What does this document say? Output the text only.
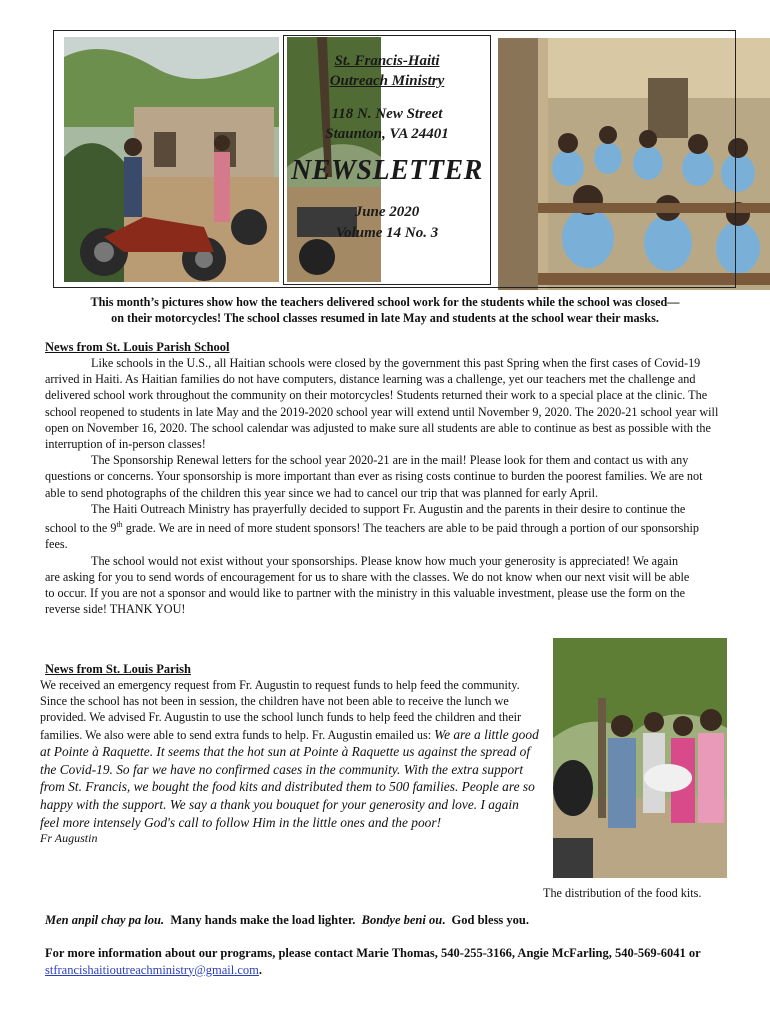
St. Francis-Haiti
Outreach Ministry
118 N. New Street
Staunton, VA 24401
NEWSLETTER
June 2020
Volume 14 No. 3
This month’s pictures show how the teachers delivered school work for the students while the school was closed—
on their motorcycles! The school classes resumed in late May and students at the school wear their masks.
News from St. Louis Parish School
Like schools in the U.S., all Haitian schools were closed by the government this past Spring when the first cases of Covid-19 arrived in Haiti. As Haitian families do not have computers, distance learning was a challenge, yet our teachers met the challenge and delivered school work throughout the community on their motorcycles! Students returned their work to a special place at the clinic. The school reopened to students in late May and the 2019-2020 school year will extend until November 9, 2020. The 2020-21 school year will open on November 16, 2020. The school calendar was adjusted to make sure all students are able to continue as best as possible with the interruption of in-person classes!
The Sponsorship Renewal letters for the school year 2020-21 are in the mail! Please look for them and contact us with any questions or concerns. Your sponsorship is more important than ever as rising costs continue to burden the poorest families. We are not able to send photographs of the children this year since we had to cancel our trip that was planned for early April.
The Haiti Outreach Ministry has prayerfully decided to support Fr. Augustin and the parents in their desire to continue the school to the 9th grade. We are in need of more student sponsors! The teachers are able to be paid through a portion of our sponsorship fees.
The school would not exist without your sponsorships. Please know how much your generosity is appreciated! We again are asking for you to send words of encouragement for us to share with the classes. We do not know when our next visit will be able to occur. If you are not a sponsor and would like to partner with the ministry in this valuable investment, please use the form on the reverse side! THANK YOU!
News from St. Louis Parish
We received an emergency request from Fr. Augustin to request funds to help feed the community. Since the school has not been in session, the children have not been able to receive the lunch we provided. We advised Fr. Augustin to use the school lunch funds to help feed the children and their families. We also were able to send extra funds to help. Fr. Augustin emailed us: We are a little good at Pointe à Raquette. It seems that the hot sun at Pointe à Raquette us against the spread of the Covid-19. So far we have no confirmed cases in the community. With the extra support from St. Francis, we bought the food kits and distributed them to 500 families. People are so happy with the support. We say a thank you bouquet for your generosity and love. I again feel more intensely God's call to follow Him in the little ones and the poor!
Fr Augustin
The distribution of the food kits.
Men anpil chay pa lou. Many hands make the load lighter. Bondye beni ou.  God bless you.
For more information about our programs, please contact Marie Thomas, 540-255-3166, Angie McFarling, 540-569-6041 or stfrancishaitioutreachministry@gmail.com.
